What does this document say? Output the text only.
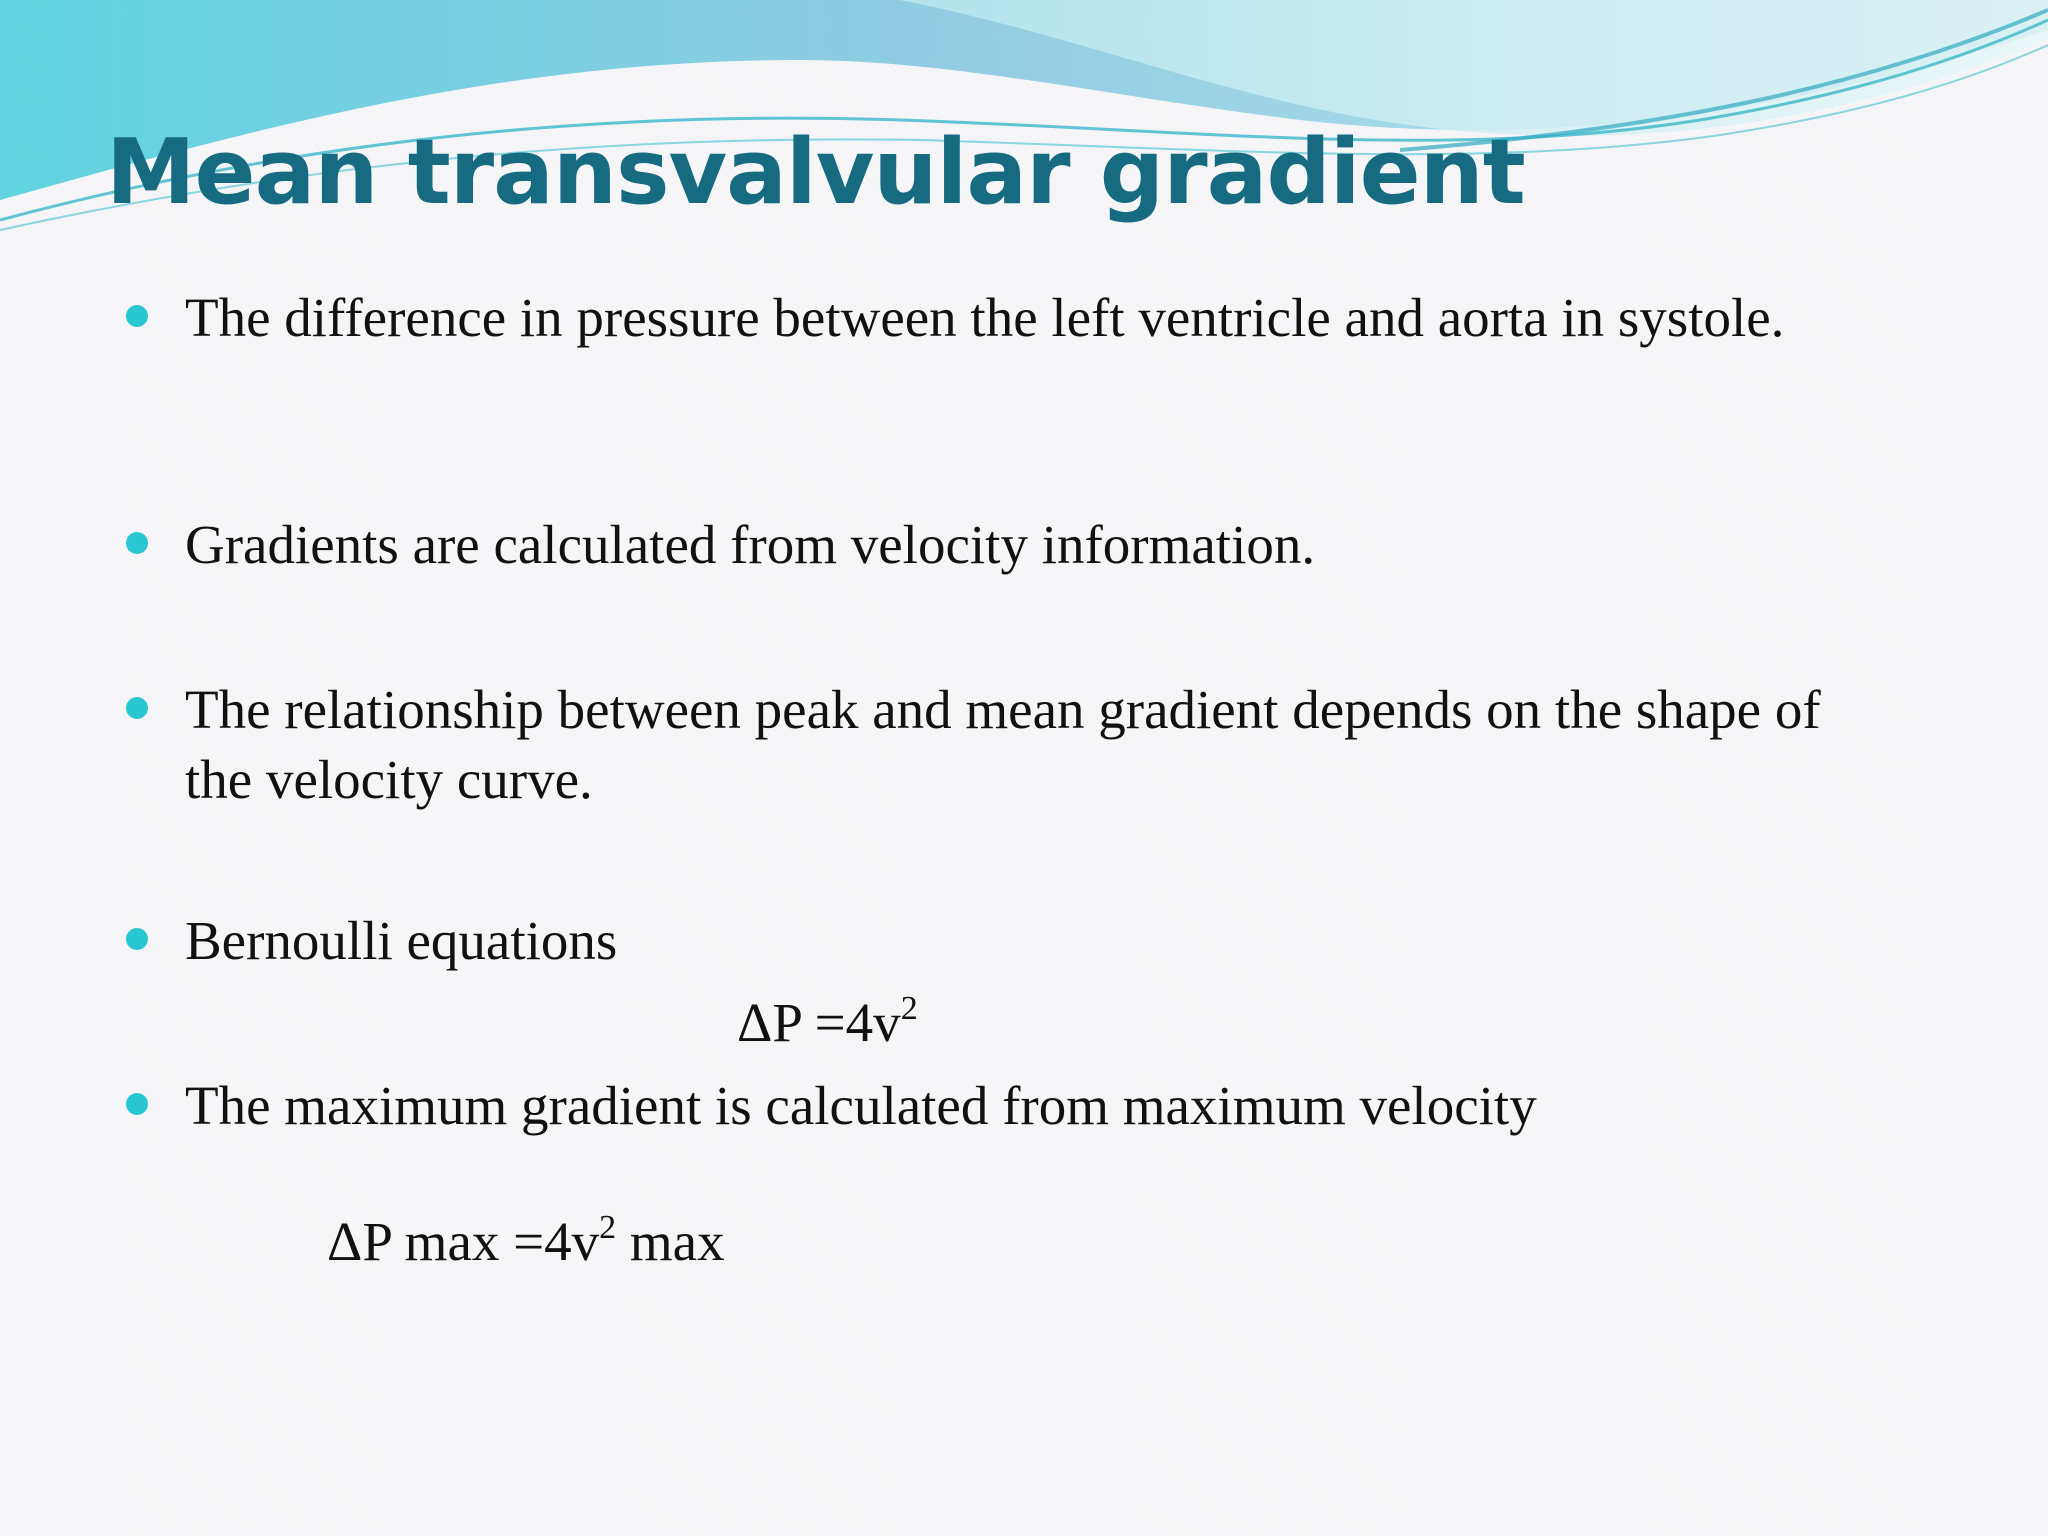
Mean transvalvular gradient
The difference in pressure between the left ventricle and aorta in systole.
Gradients are calculated from velocity information.
The relationship between peak and mean gradient depends on the shape of the velocity curve.
Bernoulli equations
The maximum gradient is calculated from maximum velocity
$\Delta P =4v^2$
ΔP $\max =4v^2$ max
